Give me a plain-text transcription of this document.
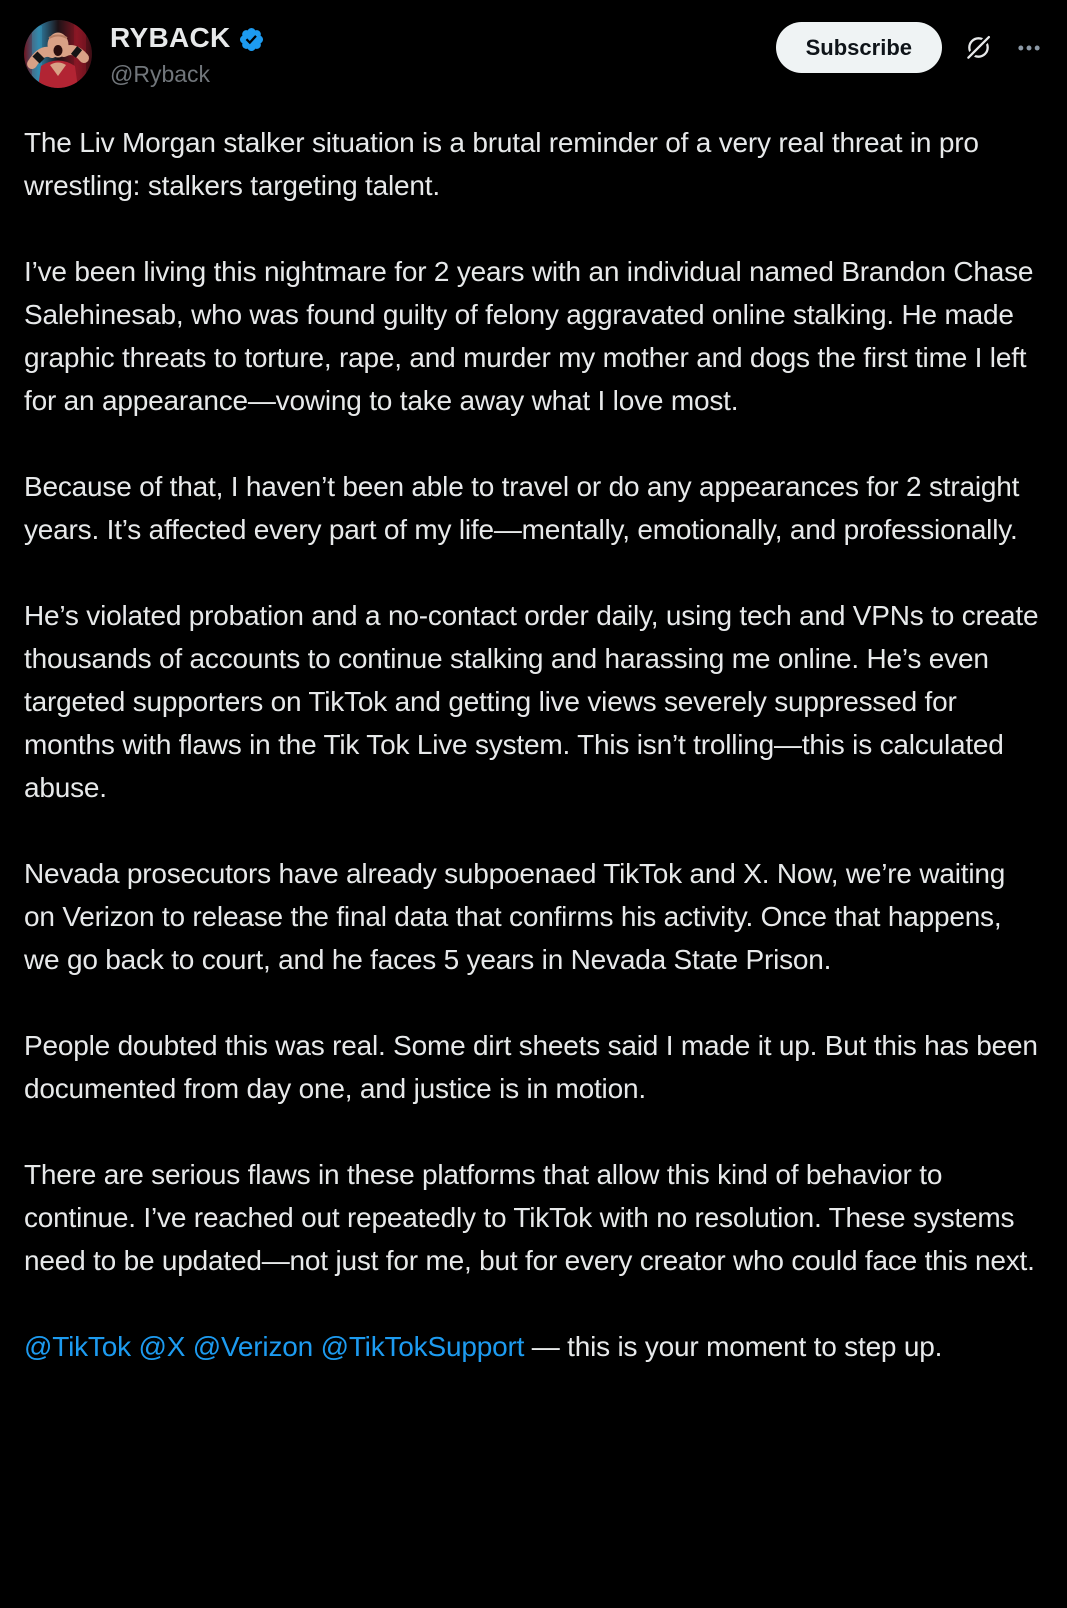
RYBACK
@Ryback
Subscribe

The Liv Morgan stalker situation is a brutal reminder of a very real threat in pro wrestling: stalkers targeting talent.

I’ve been living this nightmare for 2 years with an individual named Brandon Chase Salehinesab, who was found guilty of felony aggravated online stalking. He made graphic threats to torture, rape, and murder my mother and dogs the first time I left for an appearance—vowing to take away what I love most.

Because of that, I haven’t been able to travel or do any appearances for 2 straight years. It’s affected every part of my life—mentally, emotionally, and professionally.

He’s violated probation and a no-contact order daily, using tech and VPNs to create thousands of accounts to continue stalking and harassing me online. He’s even targeted supporters on TikTok and getting live views severely suppressed for months with flaws in the Tik Tok Live system. This isn’t trolling—this is calculated abuse.

Nevada prosecutors have already subpoenaed TikTok and X. Now, we’re waiting on Verizon to release the final data that confirms his activity. Once that happens, we go back to court, and he faces 5 years in Nevada State Prison.

People doubted this was real. Some dirt sheets said I made it up. But this has been documented from day one, and justice is in motion.

There are serious flaws in these platforms that allow this kind of behavior to continue. I’ve reached out repeatedly to TikTok with no resolution. These systems need to be updated—not just for me, but for every creator who could face this next.

@TikTok @X @Verizon @TikTokSupport — this is your moment to step up.
